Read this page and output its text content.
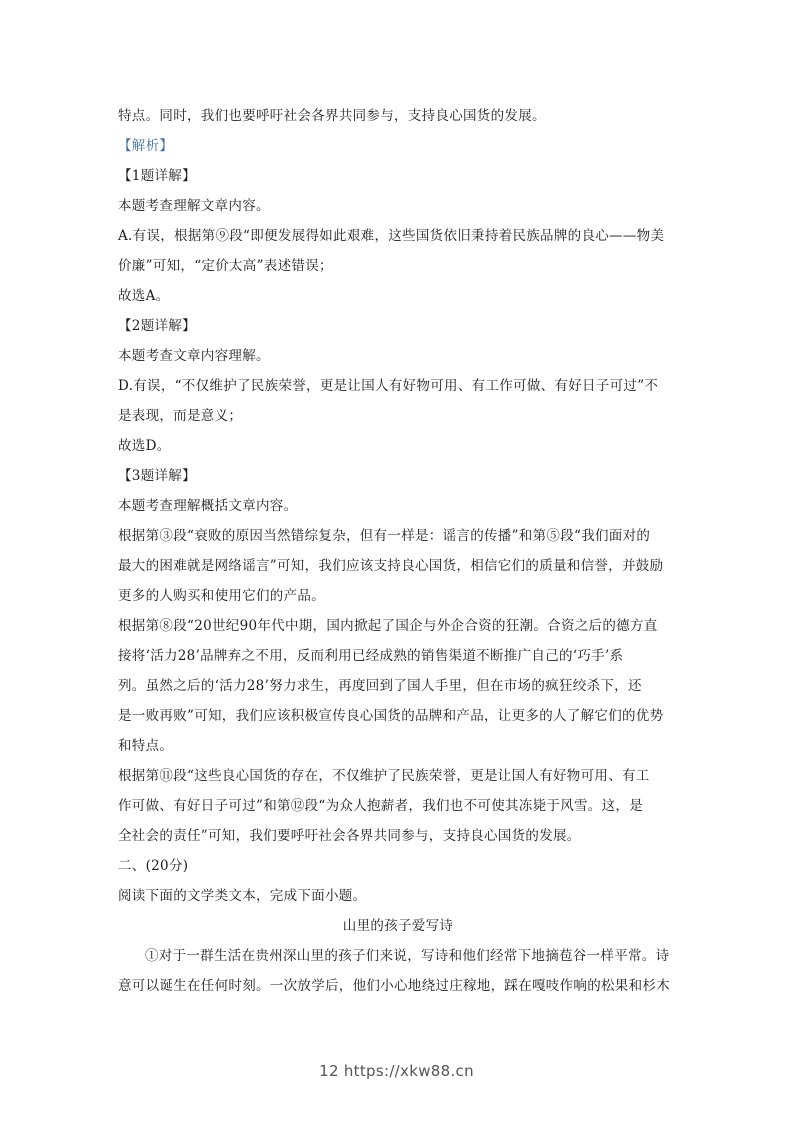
特点。同时，我们也要呼吁社会各界共同参与，支持良心国货的发展。
【解析】
【1题详解】
本题考查理解文章内容。
A.有误，根据第⑨段“即便发展得如此艰难，这些国货依旧秉持着民族品牌的良心——物美
价廉”可知，“定价太高”表述错误；
故选A。
【2题详解】
本题考查文章内容理解。
D.有误，“不仅维护了民族荣誉，更是让国人有好物可用、有工作可做、有好日子可过”不
是表现，而是意义；
故选D。
【3题详解】
本题考查理解概括文章内容。
根据第③段“衰败的原因当然错综复杂，但有一样是：谣言的传播”和第⑤段“我们面对的
最大的困难就是网络谣言”可知，我们应该支持良心国货，相信它们的质量和信誉，并鼓励
更多的人购买和使用它们的产品。
根据第⑧段“20世纪90年代中期，国内掀起了国企与外企合资的狂潮。合资之后的德方直
接将‘活力28’品牌弃之不用，反而利用已经成熟的销售渠道不断推广自己的‘巧手’系
列。虽然之后的‘活力28’努力求生，再度回到了国人手里，但在市场的疯狂绞杀下，还
是一败再败”可知，我们应该积极宣传良心国货的品牌和产品，让更多的人了解它们的优势
和特点。
根据第⑪段“这些良心国货的存在，不仅维护了民族荣誉，更是让国人有好物可用、有工
作可做、有好日子可过”和第⑫段“为众人抱薪者，我们也不可使其冻毙于风雪。这，是
全社会的责任”可知，我们要呼吁社会各界共同参与，支持良心国货的发展。
二、(20分)
阅读下面的文学类文本，完成下面小题。
山里的孩子爱写诗
①对于一群生活在贵州深山里的孩子们来说，写诗和他们经常下地摘苞谷一样平常。诗
意可以诞生在任何时刻。一次放学后，他们小心地绕过庄稼地，踩在嘎吱作响的松果和杉木
12 https://xkw88.cn
